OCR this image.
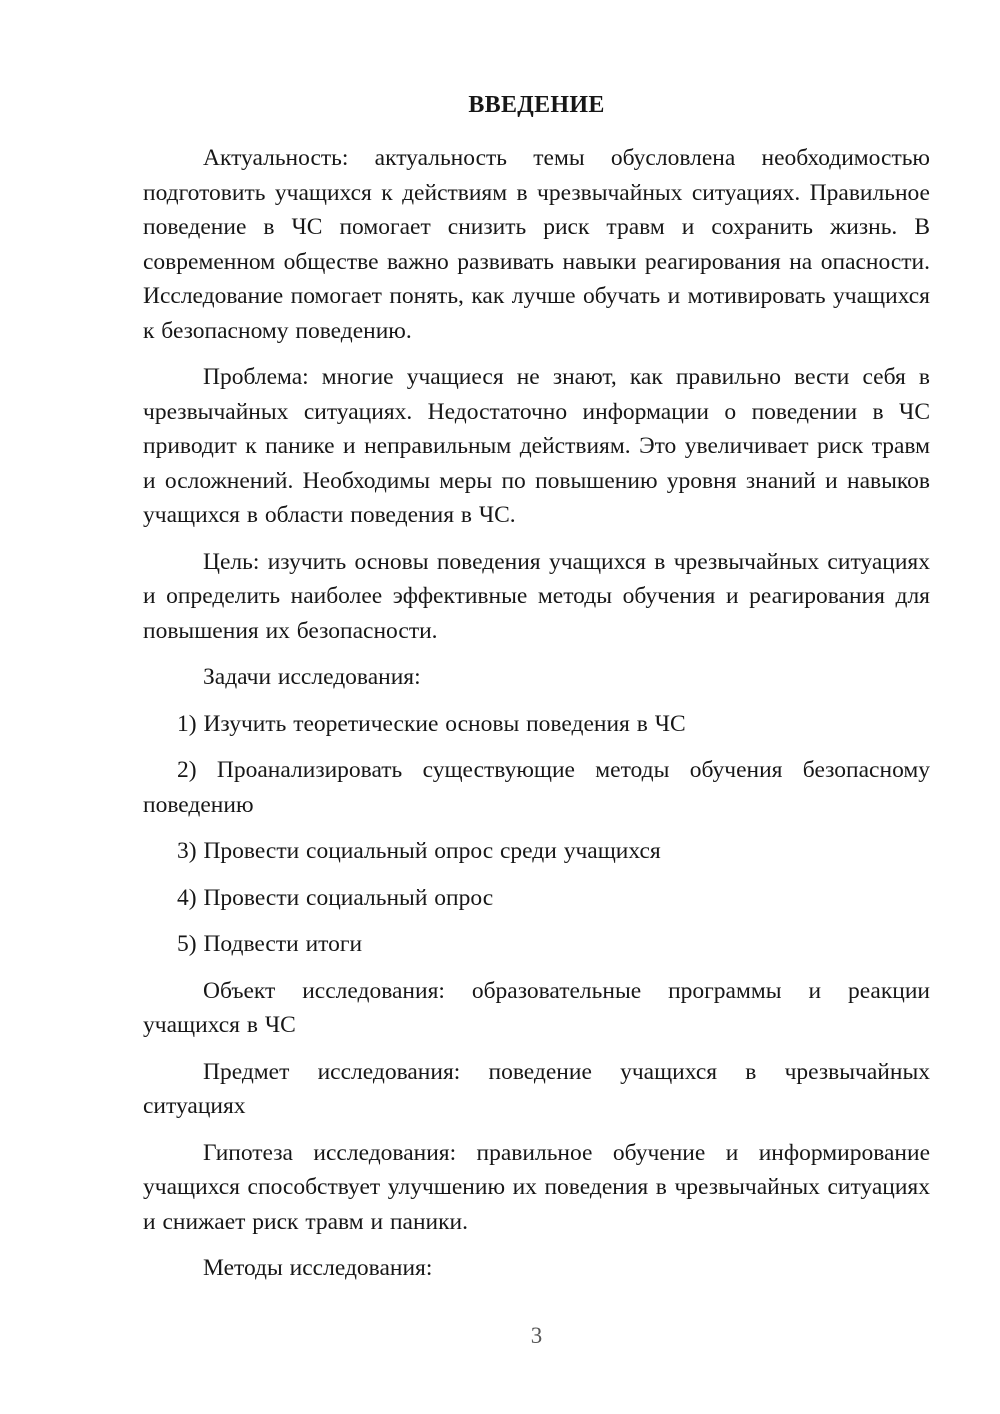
ВВЕДЕНИЕ

Актуальность: актуальность темы обусловлена необходимостью подготовить учащихся к действиям в чрезвычайных ситуациях. Правильное поведение в ЧС помогает снизить риск травм и сохранить жизнь. В современном обществе важно развивать навыки реагирования на опасности. Исследование помогает понять, как лучше обучать и мотивировать учащихся к безопасному поведению.

Проблема: многие учащиеся не знают, как правильно вести себя в чрезвычайных ситуациях. Недостаточно информации о поведении в ЧС приводит к панике и неправильным действиям. Это увеличивает риск травм и осложнений. Необходимы меры по повышению уровня знаний и навыков учащихся в области поведения в ЧС.

Цель: изучить основы поведения учащихся в чрезвычайных ситуациях и определить наиболее эффективные методы обучения и реагирования для повышения их безопасности.

Задачи исследования:

1) Изучить теоретические основы поведения в ЧС

2) Проанализировать существующие методы обучения безопасному поведению

3) Провести социальный опрос среди учащихся

4) Провести социальный опрос

5) Подвести итоги

Объект исследования: образовательные программы и реакции учащихся в ЧС

Предмет исследования: поведение учащихся в чрезвычайных ситуациях

Гипотеза исследования: правильное обучение и информирование учащихся способствует улучшению их поведения в чрезвычайных ситуациях и снижает риск травм и паники.

Методы исследования:

3
